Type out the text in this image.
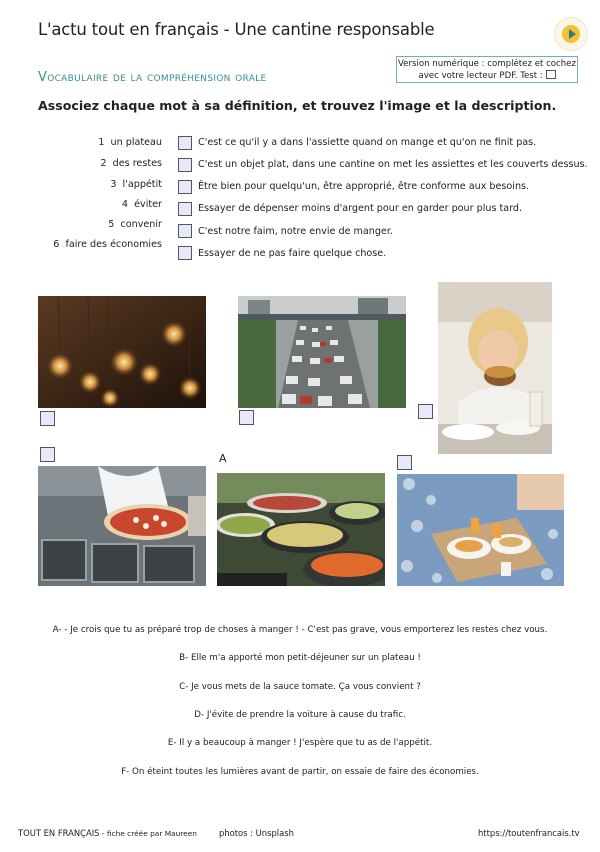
L'actu tout en français - Une cantine responsable
Vocabulaire de la compréhension orale
Version numérique : complétez et cochez
avec votre lecteur PDF. Test :
Associez chaque mot à sa définition, et trouvez l'image et la description.
1 un plateau
2 des restes
3 l'appétit
4 éviter
5 convenir
6 faire des économies
C'est ce qu'il y a dans l'assiette quand on mange et qu'on ne finit pas.
C'est un objet plat, dans une cantine on met les assiettes et les couverts dessus.
Être bien pour quelqu'un, être approprié, être conforme aux besoins.
Essayer de dépenser moins d'argent pour en garder pour plus tard.
C'est notre faim, notre envie de manger.
Essayer de ne pas faire quelque chose.
A
A- - Je crois que tu as préparé trop de choses à manger ! - C'est pas grave, vous emporterez les restes chez vous.
B- Elle m'a apporté mon petit-déjeuner sur un plateau !
C- Je vous mets de la sauce tomate. Ça vous convient ?
D- J'évite de prendre la voiture à cause du trafic.
E- Il y a beaucoup à manger ! J'espère que tu as de l'appétit.
F- On éteint toutes les lumières avant de partir, on essaie de faire des économies.
TOUT EN FRANÇAIS - fiche créée par Maureen	photos : Unsplash	https://toutenfrancais.tv
